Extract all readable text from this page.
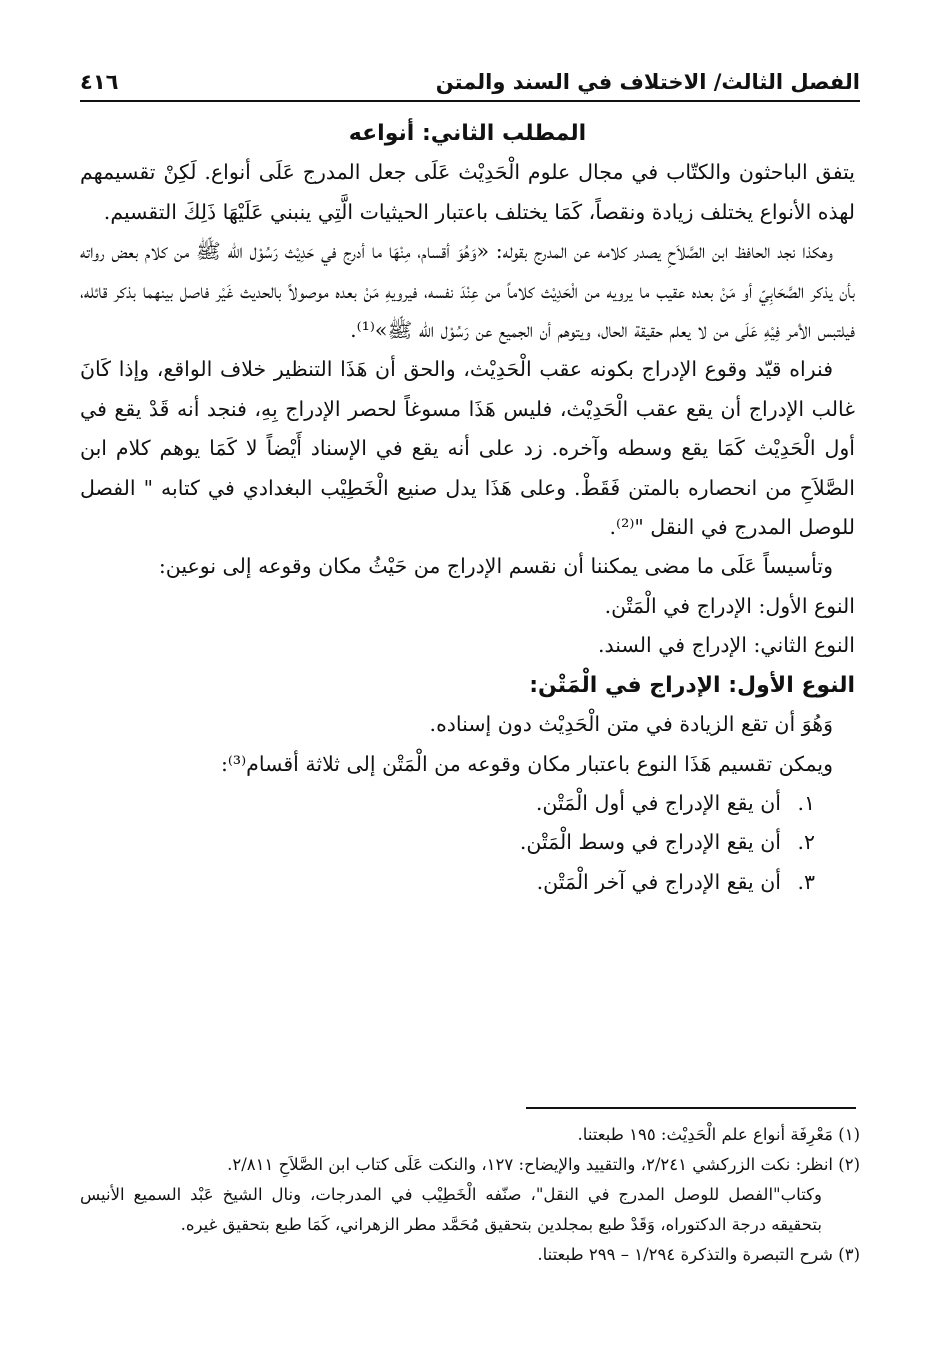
الفصل الثالث/ الاختلاف في السند والمتن
٤١٦

المطلب الثاني: أنواعه

يتفق الباحثون والكتّاب في مجال علوم الْحَدِيْث عَلَى جعل المدرج عَلَى أنواع. لَكِنْ تقسيمهم لهذه الأنواع يختلف زيادة ونقصاً، كَمَا يختلف باعتبار الحيثيات الَّتِي ينبني عَلَيْهَا ذَلِكَ التقسيم.

وهكذا نجد الحافظ ابن الصَّلاَحِ يصدر كلامه عن المدرج بقوله: «وَهُوَ أقسام، مِنْهَا ما أدرج في حَدِيْث رَسُوْل الله ﷺ من كلام بعض رواته بأن يذكر الصَّحَابِيّ أو مَنْ بعده عقيب ما يرويه من الْحَدِيْث كلاماً من عِنْدَ نفسه، فيرويهِ مَنْ بعده موصولاً بالحديث غَيْر فاصل بينهما بذكر قائله، فيلتبس الأمر فِيْهِ عَلَى من لا يعلم حقيقة الحال، ويتوهم أن الجميع عن رَسُوْل الله ﷺ»⁽¹⁾.

فنراه قيّد وقوع الإدراج بكونه عقب الْحَدِيْث، والحق أن هَذَا التنظير خلاف الواقع، وإذا كَانَ غالب الإدراج أن يقع عقب الْحَدِيْث، فليس هَذَا مسوغاً لحصر الإدراج بِهِ، فنجد أنه قَدْ يقع في أول الْحَدِيْث كَمَا يقع وسطه وآخره. زد على أنه يقع في الإسناد أَيْضاً لا كَمَا يوهم كلام ابن الصَّلاَحِ من انحصاره بالمتن فَقَطْ. وعلى هَذَا يدل صنيع الْخَطِيْب البغدادي في كتابه " الفصل للوصل المدرج في النقل "⁽²⁾.

وتأسيساً عَلَى ما مضى يمكننا أن نقسم الإدراج من حَيْثُ مكان وقوعه إلى نوعين:

النوع الأول: الإدراج في الْمَتْن.

النوع الثاني: الإدراج في السند.

النوع الأول: الإدراج في الْمَتْن:

وَهُوَ أن تقع الزيادة في متن الْحَدِيْث دون إسناده.

ويمكن تقسيم هَذَا النوع باعتبار مكان وقوعه من الْمَتْن إلى ثلاثة أقسام⁽³⁾:

١.أن يقع الإدراج في أول الْمَتْن.

٢.أن يقع الإدراج في وسط الْمَتْن.

٣.أن يقع الإدراج في آخر الْمَتْن.

(١) مَعْرِفَة أنواع علم الْحَدِيْث: ١٩٥ طبعتنا.

(٢) انظر: نكت الزركشي ٢/٢٤١، والتقييد والإيضاح: ١٢٧، والنكت عَلَى كتاب ابن الصَّلاَحِ ٢/٨١١.

وكتاب"الفصل للوصل المدرج في النقل"، صنّفه الْخَطِيْب في المدرجات، ونال الشيخ عَبْد السميع الأنيس بتحقيقه درجة الدكتوراه، وَقَدْ طبع بمجلدين بتحقيق مُحَمَّد مطر الزهراني، كَمَا طبع بتحقيق غيره.

(٣) شرح التبصرة والتذكرة ١/٢٩٤ – ٢٩٩ طبعتنا.
